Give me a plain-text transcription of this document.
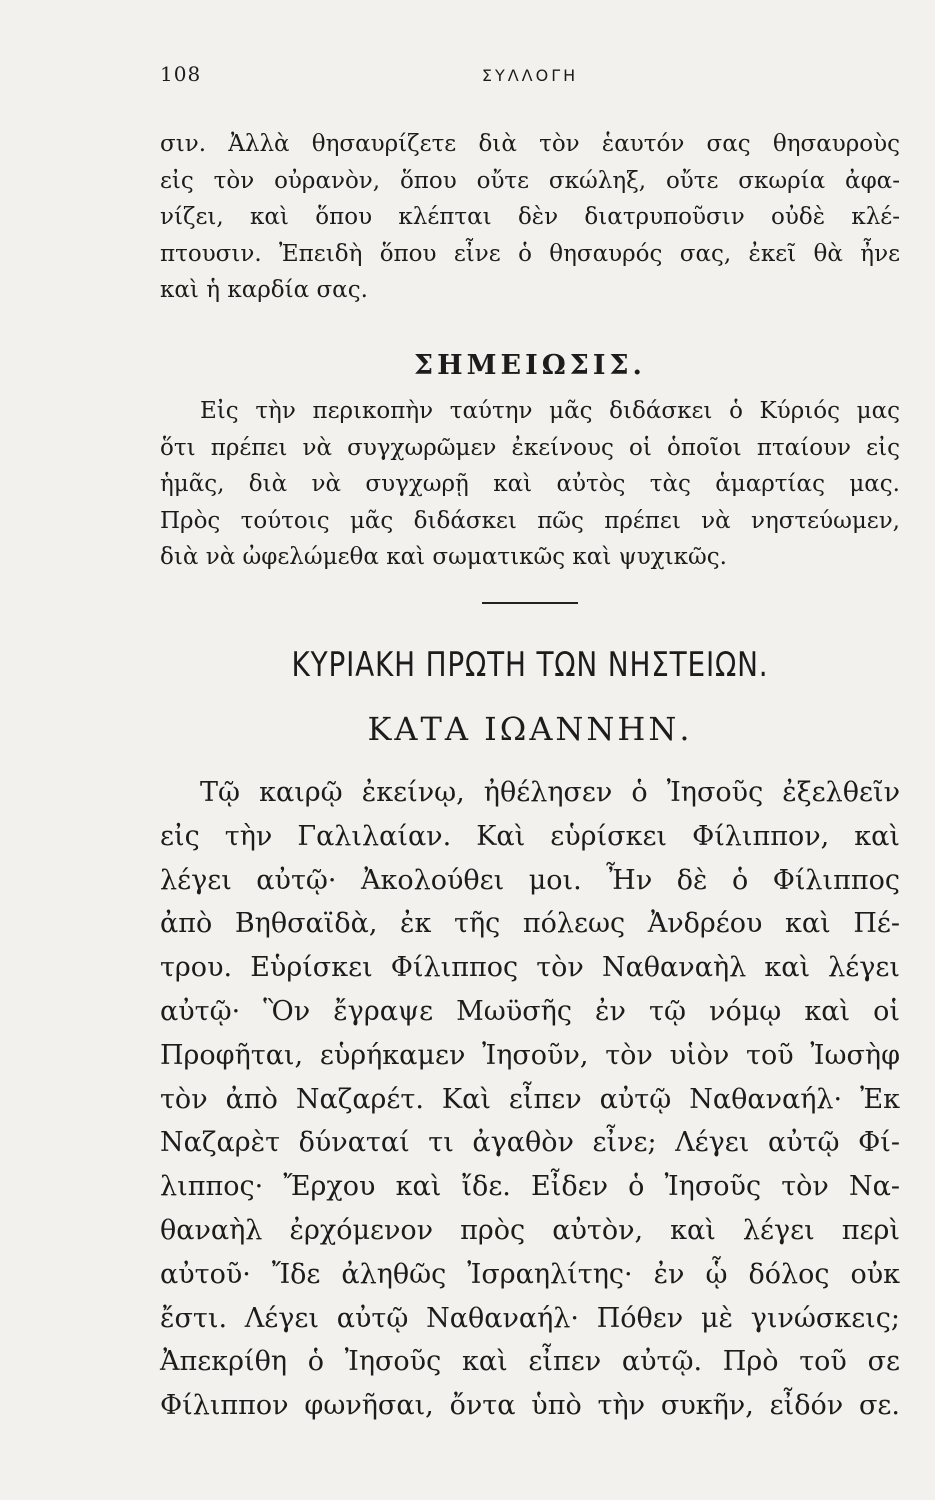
108	ΣΥΛΛΟΓΗ
σιν. Ἀλλὰ θησαυρίζετε διὰ τὸν ἑαυτόν σας θησαυροὺς
εἰς τὸν οὐρανὸν, ὅπου οὔτε σκώληξ, οὔτε σκωρία ἀφα-
νίζει, καὶ ὅπου κλέπται δὲν διατρυποῦσιν οὐδὲ κλέ-
πτουσιν. Ἐπειδὴ ὅπου εἶνε ὁ θησαυρός σας, ἐκεῖ θὰ ἦνε
καὶ ἡ καρδία σας.
ΣΗΜΕΙΩΣΙΣ.
Εἰς τὴν περικοπὴν ταύτην μᾶς διδάσκει ὁ Κύριός μας
ὅτι πρέπει νὰ συγχωρῶμεν ἐκείνους οἱ ὁποῖοι πταίουν εἰς
ἡμᾶς, διὰ νὰ συγχωρῇ καὶ αὐτὸς τὰς ἁμαρτίας μας.
Πρὸς τούτοις μᾶς διδάσκει πῶς πρέπει νὰ νηστεύωμεν,
διὰ νὰ ὠφελώμεθα καὶ σωματικῶς καὶ ψυχικῶς.
ΚΥΡΙΑΚΗ ΠΡΩΤΗ ΤΩΝ ΝΗΣΤΕΙΩΝ.
ΚΑΤΑ ΙΩΑΝΝΗΝ.
Τῷ καιρῷ ἐκείνῳ, ἠθέλησεν ὁ Ἰησοῦς ἐξελθεῖν
εἰς τὴν Γαλιλαίαν. Καὶ εὑρίσκει Φίλιππον, καὶ
λέγει αὐτῷ· Ἀκολούθει μοι. Ἦν δὲ ὁ Φίλιππος
ἀπὸ Βηθσαϊδὰ, ἐκ τῆς πόλεως Ἀνδρέου καὶ Πέ-
τρου. Εὑρίσκει Φίλιππος τὸν Ναθαναὴλ καὶ λέγει
αὐτῷ· Ὃν ἔγραψε Μωϋσῆς ἐν τῷ νόμῳ καὶ οἱ
Προφῆται, εὑρήκαμεν Ἰησοῦν, τὸν υἱὸν τοῦ Ἰωσὴφ
τὸν ἀπὸ Ναζαρέτ. Καὶ εἶπεν αὐτῷ Ναθαναήλ· Ἐκ
Ναζαρὲτ δύναταί τι ἀγαθὸν εἶνε; Λέγει αὐτῷ Φί-
λιππος· Ἔρχου καὶ ἴδε. Εἶδεν ὁ Ἰησοῦς τὸν Να-
θαναὴλ ἐρχόμενον πρὸς αὐτὸν, καὶ λέγει περὶ
αὐτοῦ· Ἴδε ἀληθῶς Ἰσραηλίτης· ἐν ᾧ δόλος οὐκ
ἔστι. Λέγει αὐτῷ Ναθαναήλ· Πόθεν μὲ γινώσκεις;
Ἀπεκρίθη ὁ Ἰησοῦς καὶ εἶπεν αὐτῷ. Πρὸ τοῦ σε
Φίλιππον φωνῆσαι, ὄντα ὑπὸ τὴν συκῆν, εἶδόν σε.
